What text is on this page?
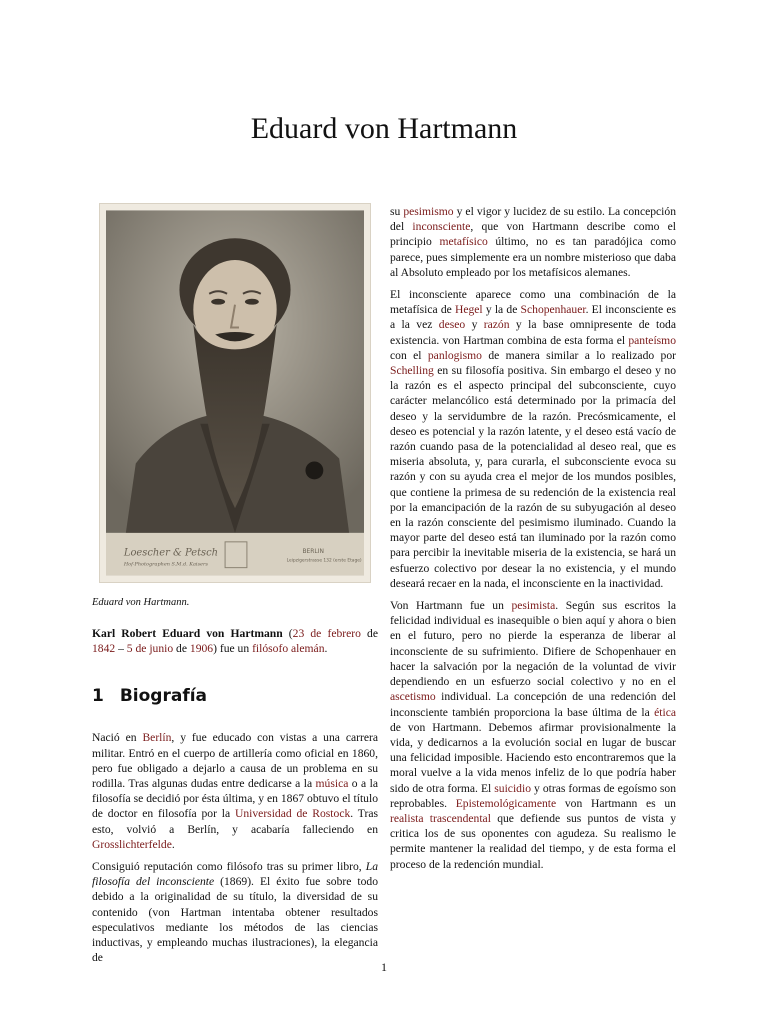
Eduard von Hartmann
Loescher & Petsch
Hof-Photographen S.M.d. Kaisers
BERLIN
Leipzigerstrasse 132 (erste Etage)
Eduard von Hartmann.

Karl Robert Eduard von Hartmann (23 de febrero de 1842 – 5 de junio de 1906) fue un filósofo alemán.

1 Biografía

Nació en Berlín, y fue educado con vistas a una carrera militar. Entró en el cuerpo de artillería como oficial en 1860, pero fue obligado a dejarlo a causa de un problema en su rodilla. Tras algunas dudas entre dedicarse a la música o a la filosofía se decidió por ésta última, y en 1867 obtuvo el título de doctor en filosofía por la Universidad de Rostock. Tras esto, volvió a Berlín, y acabaría falleciendo en Grosslichterfelde.

Consiguió reputación como filósofo tras su primer libro, La filosofía del inconsciente (1869). El éxito fue sobre todo debido a la originalidad de su título, la diversidad de su contenido (von Hartman intentaba obtener resultados especulativos mediante los métodos de las ciencias inductivas, y empleando muchas ilustraciones), la elegancia de

su pesimismo y el vigor y lucidez de su estilo. La concepción del inconsciente, que von Hartmann describe como el principio metafísico último, no es tan paradójica como parece, pues simplemente era un nombre misterioso que daba al Absoluto empleado por los metafísicos alemanes.

El inconsciente aparece como una combinación de la metafísica de Hegel y la de Schopenhauer. El inconsciente es a la vez deseo y razón y la base omnipresente de toda existencia. von Hartman combina de esta forma el panteísmo con el panlogismo de manera similar a lo realizado por Schelling en su filosofía positiva. Sin embargo el deseo y no la razón es el aspecto principal del subconsciente, cuyo carácter melancólico está determinado por la primacía del deseo y la servidumbre de la razón. Precósmicamente, el deseo es potencial y la razón latente, y el deseo está vacío de razón cuando pasa de la potencialidad al deseo real, que es miseria absoluta, y, para curarla, el subconsciente evoca su razón y con su ayuda crea el mejor de los mundos posibles, que contiene la primesa de su redención de la existencia real por la emancipación de la razón de su subyugación al deseo en la razón consciente del pesimismo iluminado. Cuando la mayor parte del deseo está tan iluminado por la razón como para percibir la inevitable miseria de la existencia, se hará un esfuerzo colectivo por desear la no existencia, y el mundo deseará recaer en la nada, el inconsciente en la inactividad.

Von Hartmann fue un pesimista. Según sus escritos la felicidad individual es inasequible o bien aquí y ahora o bien en el futuro, pero no pierde la esperanza de liberar al inconsciente de su sufrimiento. Difiere de Schopenhauer en hacer la salvación por la negación de la voluntad de vivir dependiendo en un esfuerzo social colectivo y no en el ascetismo individual. La concepción de una redención del inconsciente también proporciona la base última de la ética de von Hartmann. Debemos afirmar provisionalmente la vida, y dedicarnos a la evolución social en lugar de buscar una felicidad imposible. Haciendo esto encontraremos que la moral vuelve a la vida menos infeliz de lo que podría haber sido de otra forma. El suicidio y otras formas de egoísmo son reprobables. Epistemológicamente von Hartmann es un realista trascendental que defiende sus puntos de vista y critica los de sus oponentes con agudeza. Su realismo le permite mantener la realidad del tiempo, y de esta forma el proceso de la redención mundial.

1
